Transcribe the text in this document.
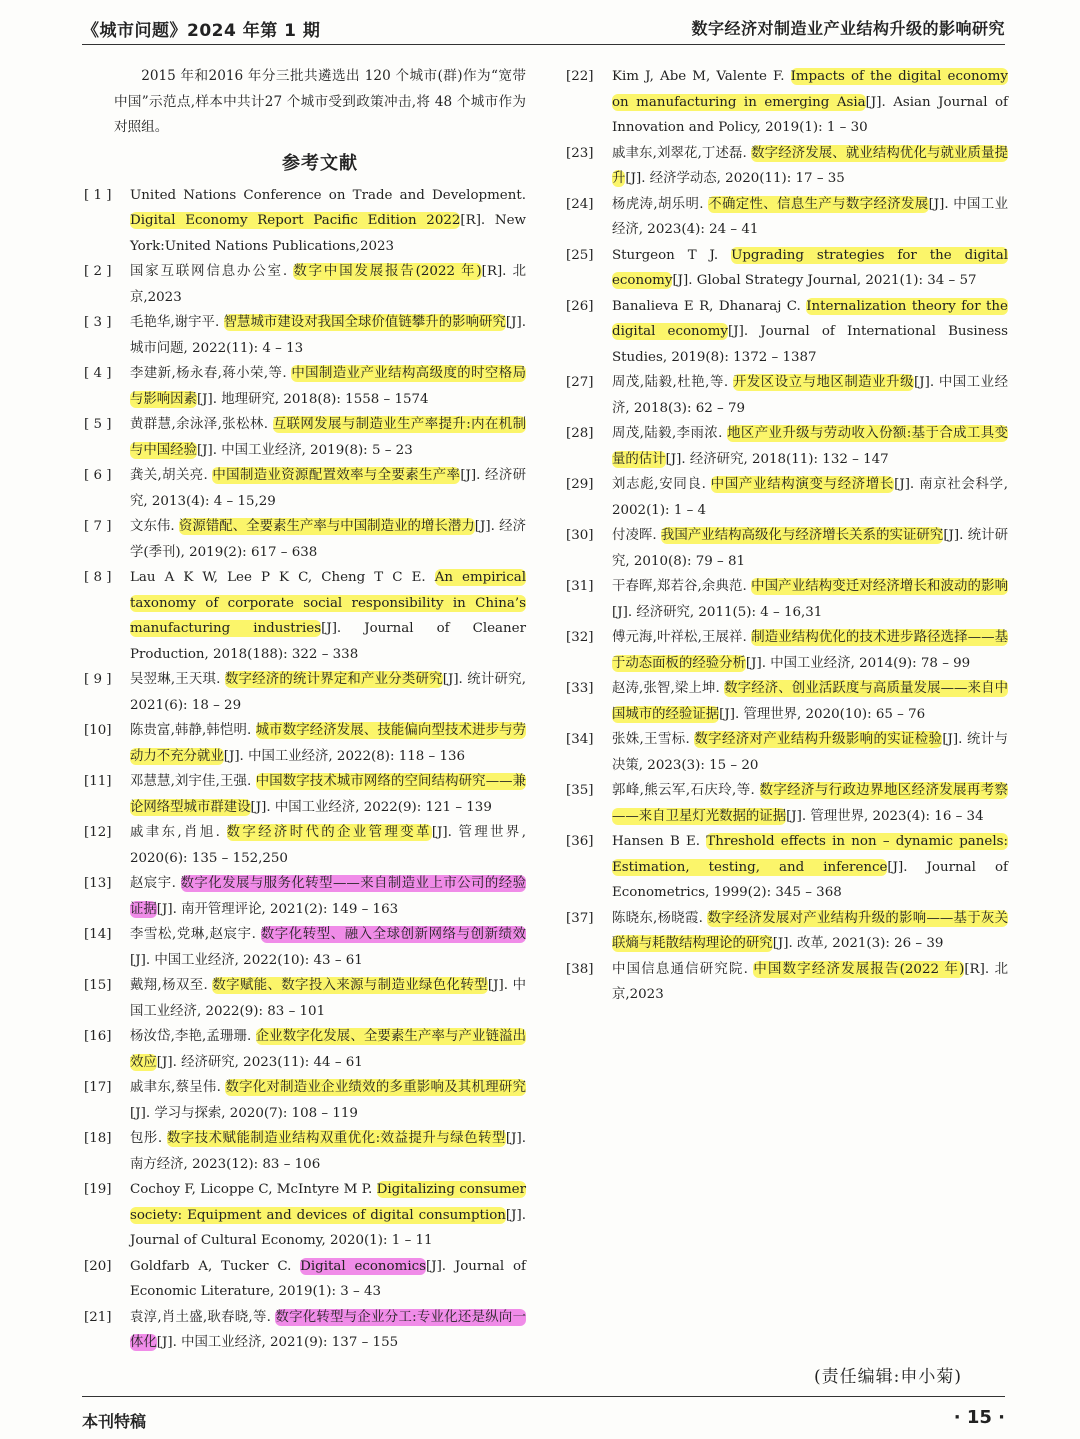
《城市问题》2024 年第 1 期	数字经济对制造业产业结构升级的影响研究
2015 年和2016 年分三批共遴选出 120 个城市(群)作为“宽带中国”示范点,样本中共计27 个城市受到政策冲击,将 48 个城市作为对照组。
参考文献
[ 1 ]	United Nations Conference on Trade and Development. Digital Economy Report Pacific Edition 2022[R]. New York:United Nations Publications,2023
[ 2 ]	国家互联网信息办公室. 数字中国发展报告(2022 年)[R]. 北京,2023
[ 3 ]	毛艳华,谢宇平. 智慧城市建设对我国全球价值链攀升的影响研究[J]. 城市问题, 2022(11): 4 – 13
[ 4 ]	李建新,杨永春,蒋小荣,等. 中国制造业产业结构高级度的时空格局与影响因素[J]. 地理研究, 2018(8): 1558 – 1574
[ 5 ]	黄群慧,余泳泽,张松林. 互联网发展与制造业生产率提升:内在机制与中国经验[J]. 中国工业经济, 2019(8): 5 – 23
[ 6 ]	龚关,胡关亮. 中国制造业资源配置效率与全要素生产率[J]. 经济研究, 2013(4): 4 – 15,29
[ 7 ]	文东伟. 资源错配、全要素生产率与中国制造业的增长潜力[J]. 经济学(季刊), 2019(2): 617 – 638
[ 8 ]	Lau A K W, Lee P K C, Cheng T C E. An empirical taxonomy of corporate social responsibility in China’s manufacturing industries[J]. Journal of Cleaner Production, 2018(188): 322 – 338
[ 9 ]	吴翌琳,王天琪. 数字经济的统计界定和产业分类研究[J]. 统计研究, 2021(6): 18 – 29
[10]	陈贵富,韩静,韩恺明. 城市数字经济发展、技能偏向型技术进步与劳动力不充分就业[J]. 中国工业经济, 2022(8): 118 – 136
[11]	邓慧慧,刘宇佳,王强. 中国数字技术城市网络的空间结构研究——兼论网络型城市群建设[J]. 中国工业经济, 2022(9): 121 – 139
[12]	戚聿东,肖旭. 数字经济时代的企业管理变革[J]. 管理世界, 2020(6): 135 – 152,250
[13]	赵宸宇. 数字化发展与服务化转型——来自制造业上市公司的经验证据[J]. 南开管理评论, 2021(2): 149 – 163
[14]	李雪松,党琳,赵宸宇. 数字化转型、融入全球创新网络与创新绩效[J]. 中国工业经济, 2022(10): 43 – 61
[15]	戴翔,杨双至. 数字赋能、数字投入来源与制造业绿色化转型[J]. 中国工业经济, 2022(9): 83 – 101
[16]	杨汝岱,李艳,孟珊珊. 企业数字化发展、全要素生产率与产业链溢出效应[J]. 经济研究, 2023(11): 44 – 61
[17]	戚聿东,蔡呈伟. 数字化对制造业企业绩效的多重影响及其机理研究[J]. 学习与探索, 2020(7): 108 – 119
[18]	包彤. 数字技术赋能制造业结构双重优化:效益提升与绿色转型[J]. 南方经济, 2023(12): 83 – 106
[19]	Cochoy F, Licoppe C, McIntyre M P. Digitalizing consumer society: Equipment and devices of digital consumption[J]. Journal of Cultural Economy, 2020(1): 1 – 11
[20]	Goldfarb A, Tucker C. Digital economics[J]. Journal of Economic Literature, 2019(1): 3 – 43
[21]	袁淳,肖土盛,耿春晓,等. 数字化转型与企业分工:专业化还是纵向一体化[J]. 中国工业经济, 2021(9): 137 – 155
[22]	Kim J, Abe M, Valente F. Impacts of the digital economy on manufacturing in emerging Asia[J]. Asian Journal of Innovation and Policy, 2019(1): 1 – 30
[23]	戚聿东,刘翠花,丁述磊. 数字经济发展、就业结构优化与就业质量提升[J]. 经济学动态, 2020(11): 17 – 35
[24]	杨虎涛,胡乐明. 不确定性、信息生产与数字经济发展[J]. 中国工业经济, 2023(4): 24 – 41
[25]	Sturgeon T J. Upgrading strategies for the digital economy[J]. Global Strategy Journal, 2021(1): 34 – 57
[26]	Banalieva E R, Dhanaraj C. Internalization theory for the digital economy[J]. Journal of International Business Studies, 2019(8): 1372 – 1387
[27]	周茂,陆毅,杜艳,等. 开发区设立与地区制造业升级[J]. 中国工业经济, 2018(3): 62 – 79
[28]	周茂,陆毅,李雨浓. 地区产业升级与劳动收入份额:基于合成工具变量的估计[J]. 经济研究, 2018(11): 132 – 147
[29]	刘志彪,安同良. 中国产业结构演变与经济增长[J]. 南京社会科学, 2002(1): 1 – 4
[30]	付凌晖. 我国产业结构高级化与经济增长关系的实证研究[J]. 统计研究, 2010(8): 79 – 81
[31]	干春晖,郑若谷,余典范. 中国产业结构变迁对经济增长和波动的影响[J]. 经济研究, 2011(5): 4 – 16,31
[32]	傅元海,叶祥松,王展祥. 制造业结构优化的技术进步路径选择——基于动态面板的经验分析[J]. 中国工业经济, 2014(9): 78 – 99
[33]	赵涛,张智,梁上坤. 数字经济、创业活跃度与高质量发展——来自中国城市的经验证据[J]. 管理世界, 2020(10): 65 – 76
[34]	张姝,王雪标. 数字经济对产业结构升级影响的实证检验[J]. 统计与决策, 2023(3): 15 – 20
[35]	郭峰,熊云军,石庆玲,等. 数字经济与行政边界地区经济发展再考察——来自卫星灯光数据的证据[J]. 管理世界, 2023(4): 16 – 34
[36]	Hansen B E. Threshold effects in non – dynamic panels: Estimation, testing, and inference[J]. Journal of Econometrics, 1999(2): 345 – 368
[37]	陈晓东,杨晓霞. 数字经济发展对产业结构升级的影响——基于灰关联熵与耗散结构理论的研究[J]. 改革, 2021(3): 26 – 39
[38]	中国信息通信研究院. 中国数字经济发展报告(2022 年)[R]. 北京,2023
(责任编辑:申小菊)
本刊特稿	· 15 ·
